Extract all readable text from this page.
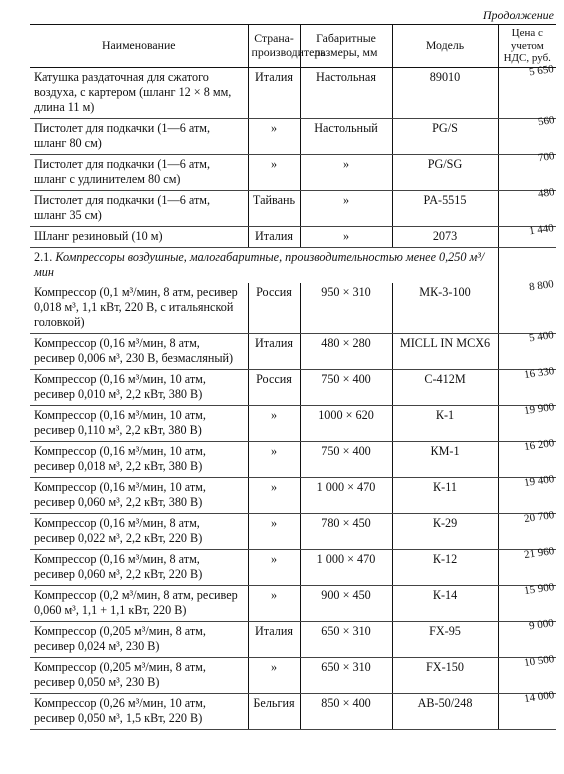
Продолжение
Наименование	Страна-производитель	Габаритные размеры, мм	Модель	Цена с учетом НДС, руб.
Катушка раздаточная для сжатого воздуха, с картером (шланг 12 × 8 мм, длина 11 м)	Италия	Настольная	89010	5 650

Пистолет для подкачки (1—6 атм, шланг 80 см)	»	Настольный	PG/S	560

Пистолет для подкачки (1—6 атм, шланг с удлинителем 80 см)	»	»	PG/SG	700

Пистолет для подкачки (1—6 атм, шланг 35 см)	Тайвань	»	PA-5515	480

Шланг резиновый (10 м)	Италия	»	2073	1 440

2.1. Компрессоры воздушные, малогабаритные, производительностью менее 0,250 м³/мин				
Компрессор (0,1 м³/мин, 8 атм, ресивер 0,018 м³, 1,1 кВт, 220 В, с итальянской головкой)	Россия	950 × 310	МК-3-100	8 800

Компрессор (0,16 м³/мин, 8 атм, ресивер 0,006 м³, 230 В, безмасляный)	Италия	480 × 280	MICLL IN MCX6	5 400

Компрессор (0,16 м³/мин, 10 атм, ресивер 0,010 м³, 2,2 кВт, 380 В)	Россия	750 × 400	С-412М	16 330

Компрессор (0,16 м³/мин, 10 атм, ресивер 0,110 м³, 2,2 кВт, 380 В)	»	1000 × 620	К-1	19 900

Компрессор (0,16 м³/мин, 10 атм, ресивер 0,018 м³, 2,2 кВт, 380 В)	»	750 × 400	КМ-1	16 200

Компрессор (0,16 м³/мин, 10 атм, ресивер 0,060 м³, 2,2 кВт, 380 В)	»	1 000 × 470	К-11	19 400

Компрессор (0,16 м³/мин, 8 атм, ресивер 0,022 м³, 2,2 кВт, 220 В)	»	780 × 450	К-29	20 700

Компрессор (0,16 м³/мин, 8 атм, ресивер 0,060 м³, 2,2 кВт, 220 В)	»	1 000 × 470	К-12	21 960

Компрессор (0,2 м³/мин, 8 атм, ресивер 0,060 м³, 1,1 + 1,1 кВт, 220 В)	»	900 × 450	К-14	15 900

Компрессор (0,205 м³/мин, 8 атм, ресивер 0,024 м³, 230 В)	Италия	650 × 310	FX-95	9 000

Компрессор (0,205 м³/мин, 8 атм, ресивер 0,050 м³, 230 В)	»	650 × 310	FX-150	10 500

Компрессор (0,26 м³/мин, 10 атм, ресивер 0,050 м³, 1,5 кВт, 220 В)	Бельгия	850 × 400	AB-50/248	14 000
